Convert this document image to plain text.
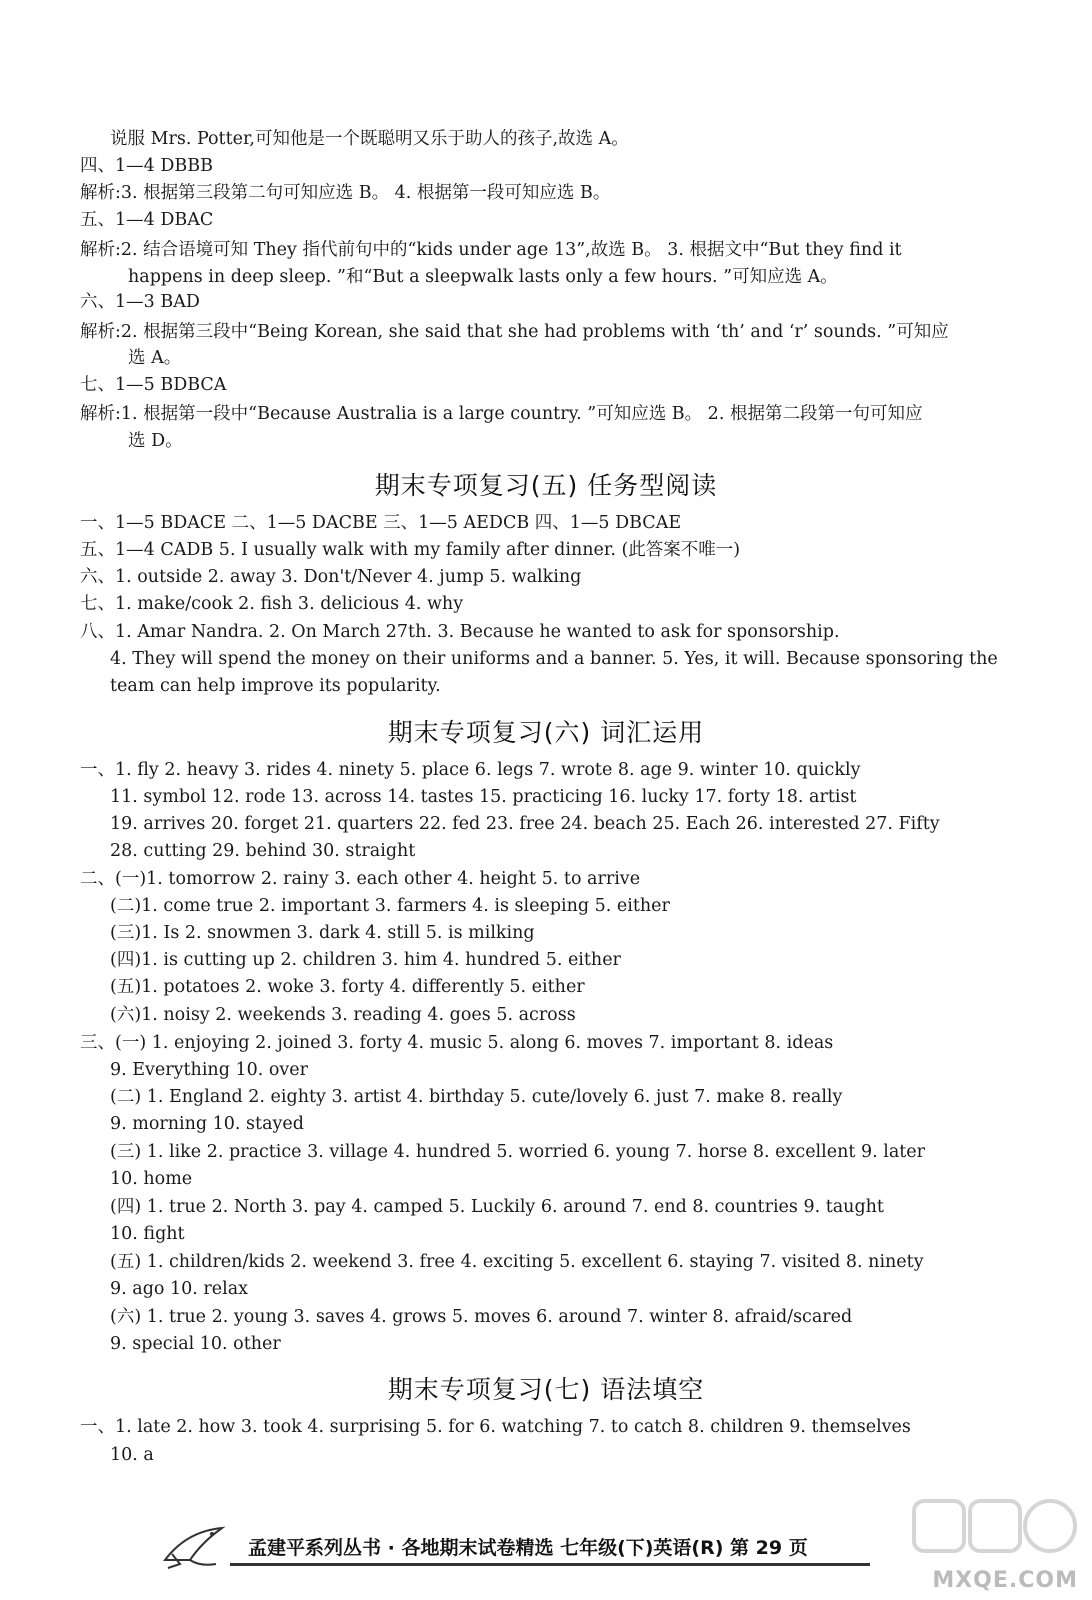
说服 Mrs. Potter,可知他是一个既聪明又乐于助人的孩子,故选 A。
四、1—4 DBBB
解析:3. 根据第三段第二句可知应选 B。 4. 根据第一段可知应选 B。
五、1—4 DBAC
解析:2. 结合语境可知 They 指代前句中的“kids under age 13”,故选 B。 3. 根据文中“But they find it
happens in deep sleep. ”和“But a sleepwalk lasts only a few hours. ”可知应选 A。
六、1—3 BAD
解析:2. 根据第三段中“Being Korean, she said that she had problems with ‘th’ and ‘r’ sounds. ”可知应
选 A。
七、1—5 BDBCA
解析:1. 根据第一段中“Because Australia is a large country. ”可知应选 B。 2. 根据第二段第一句可知应
选 D。
期末专项复习(五) 任务型阅读
一、1—5 BDACE 二、1—5 DACBE 三、1—5 AEDCB 四、1—5 DBCAE
五、1—4 CADB 5. I usually walk with my family after dinner. (此答案不唯一)
六、1. outside 2. away 3. Don't/Never 4. jump 5. walking
七、1. make/cook 2. fish 3. delicious 4. why
八、1. Amar Nandra. 2. On March 27th. 3. Because he wanted to ask for sponsorship.
4. They will spend the money on their uniforms and a banner. 5. Yes, it will. Because sponsoring the
team can help improve its popularity.
期末专项复习(六) 词汇运用
一、1. fly 2. heavy 3. rides 4. ninety 5. place 6. legs 7. wrote 8. age 9. winter 10. quickly
11. symbol 12. rode 13. across 14. tastes 15. practicing 16. lucky 17. forty 18. artist
19. arrives 20. forget 21. quarters 22. fed 23. free 24. beach 25. Each 26. interested 27. Fifty
28. cutting 29. behind 30. straight
二、(一)1. tomorrow 2. rainy 3. each other 4. height 5. to arrive
(二)1. come true 2. important 3. farmers 4. is sleeping 5. either
(三)1. Is 2. snowmen 3. dark 4. still 5. is milking
(四)1. is cutting up 2. children 3. him 4. hundred 5. either
(五)1. potatoes 2. woke 3. forty 4. differently 5. either
(六)1. noisy 2. weekends 3. reading 4. goes 5. across
三、(一) 1. enjoying 2. joined 3. forty 4. music 5. along 6. moves 7. important 8. ideas
9. Everything 10. over
(二) 1. England 2. eighty 3. artist 4. birthday 5. cute/lovely 6. just 7. make 8. really
9. morning 10. stayed
(三) 1. like 2. practice 3. village 4. hundred 5. worried 6. young 7. horse 8. excellent 9. later
10. home
(四) 1. true 2. North 3. pay 4. camped 5. Luckily 6. around 7. end 8. countries 9. taught
10. fight
(五) 1. children/kids 2. weekend 3. free 4. exciting 5. excellent 6. staying 7. visited 8. ninety
9. ago 10. relax
(六) 1. true 2. young 3. saves 4. grows 5. moves 6. around 7. winter 8. afraid/scared
9. special 10. other
期末专项复习(七) 语法填空
一、1. late 2. how 3. took 4. surprising 5. for 6. watching 7. to catch 8. children 9. themselves
10. a
孟建平系列丛书 · 各地期末试卷精选 七年级(下)英语(R) 第 29 页
MXQE.COM
